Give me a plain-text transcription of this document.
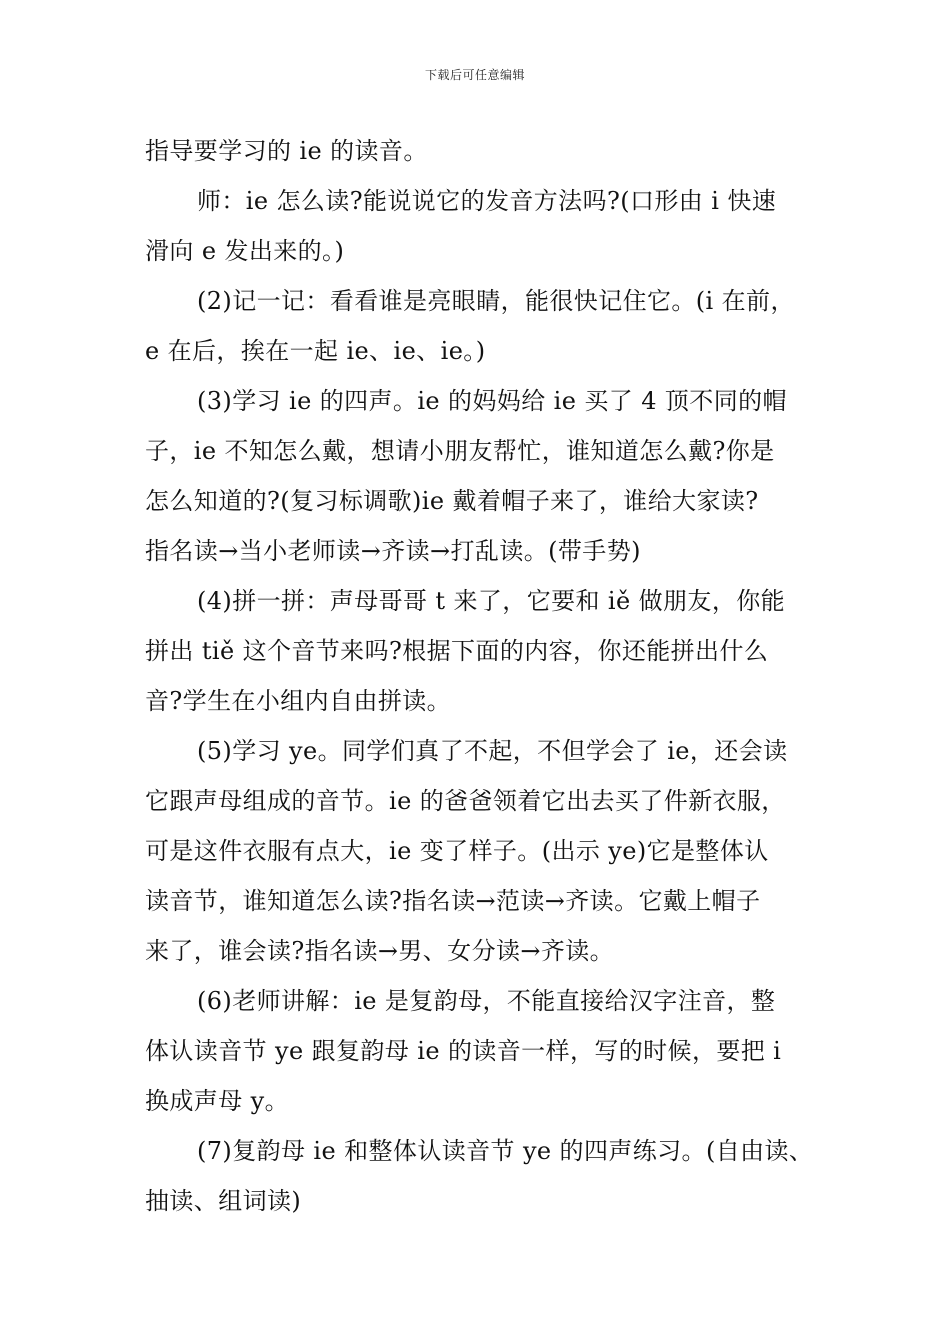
下载后可任意编辑
指导要学习的 ie 的读音。
师：ie 怎么读?能说说它的发音方法吗?(口形由 i 快速
滑向 e 发出来的。)
(2)记一记：看看谁是亮眼睛，能很快记住它。(i 在前，
e 在后，挨在一起 ie、ie、ie。)
(3)学习 ie 的四声。ie 的妈妈给 ie 买了 4 顶不同的帽
子，ie 不知怎么戴，想请小朋友帮忙，谁知道怎么戴?你是
怎么知道的?(复习标调歌)ie 戴着帽子来了，谁给大家读?
指名读→当小老师读→齐读→打乱读。(带手势)
(4)拼一拼：声母哥哥 t 来了，它要和 iě 做朋友，你能
拼出 tiě 这个音节来吗?根据下面的内容，你还能拼出什么
音?学生在小组内自由拼读。
(5)学习 ye。同学们真了不起，不但学会了 ie，还会读
它跟声母组成的音节。ie 的爸爸领着它出去买了件新衣服，
可是这件衣服有点大，ie 变了样子。(出示 ye)它是整体认
读音节，谁知道怎么读?指名读→范读→齐读。它戴上帽子
来了，谁会读?指名读→男、女分读→齐读。
(6)老师讲解：ie 是复韵母，不能直接给汉字注音，整
体认读音节 ye 跟复韵母 ie 的读音一样，写的时候，要把 i
换成声母 y。
(7)复韵母 ie 和整体认读音节 ye 的四声练习。(自由读、
抽读、组词读)
